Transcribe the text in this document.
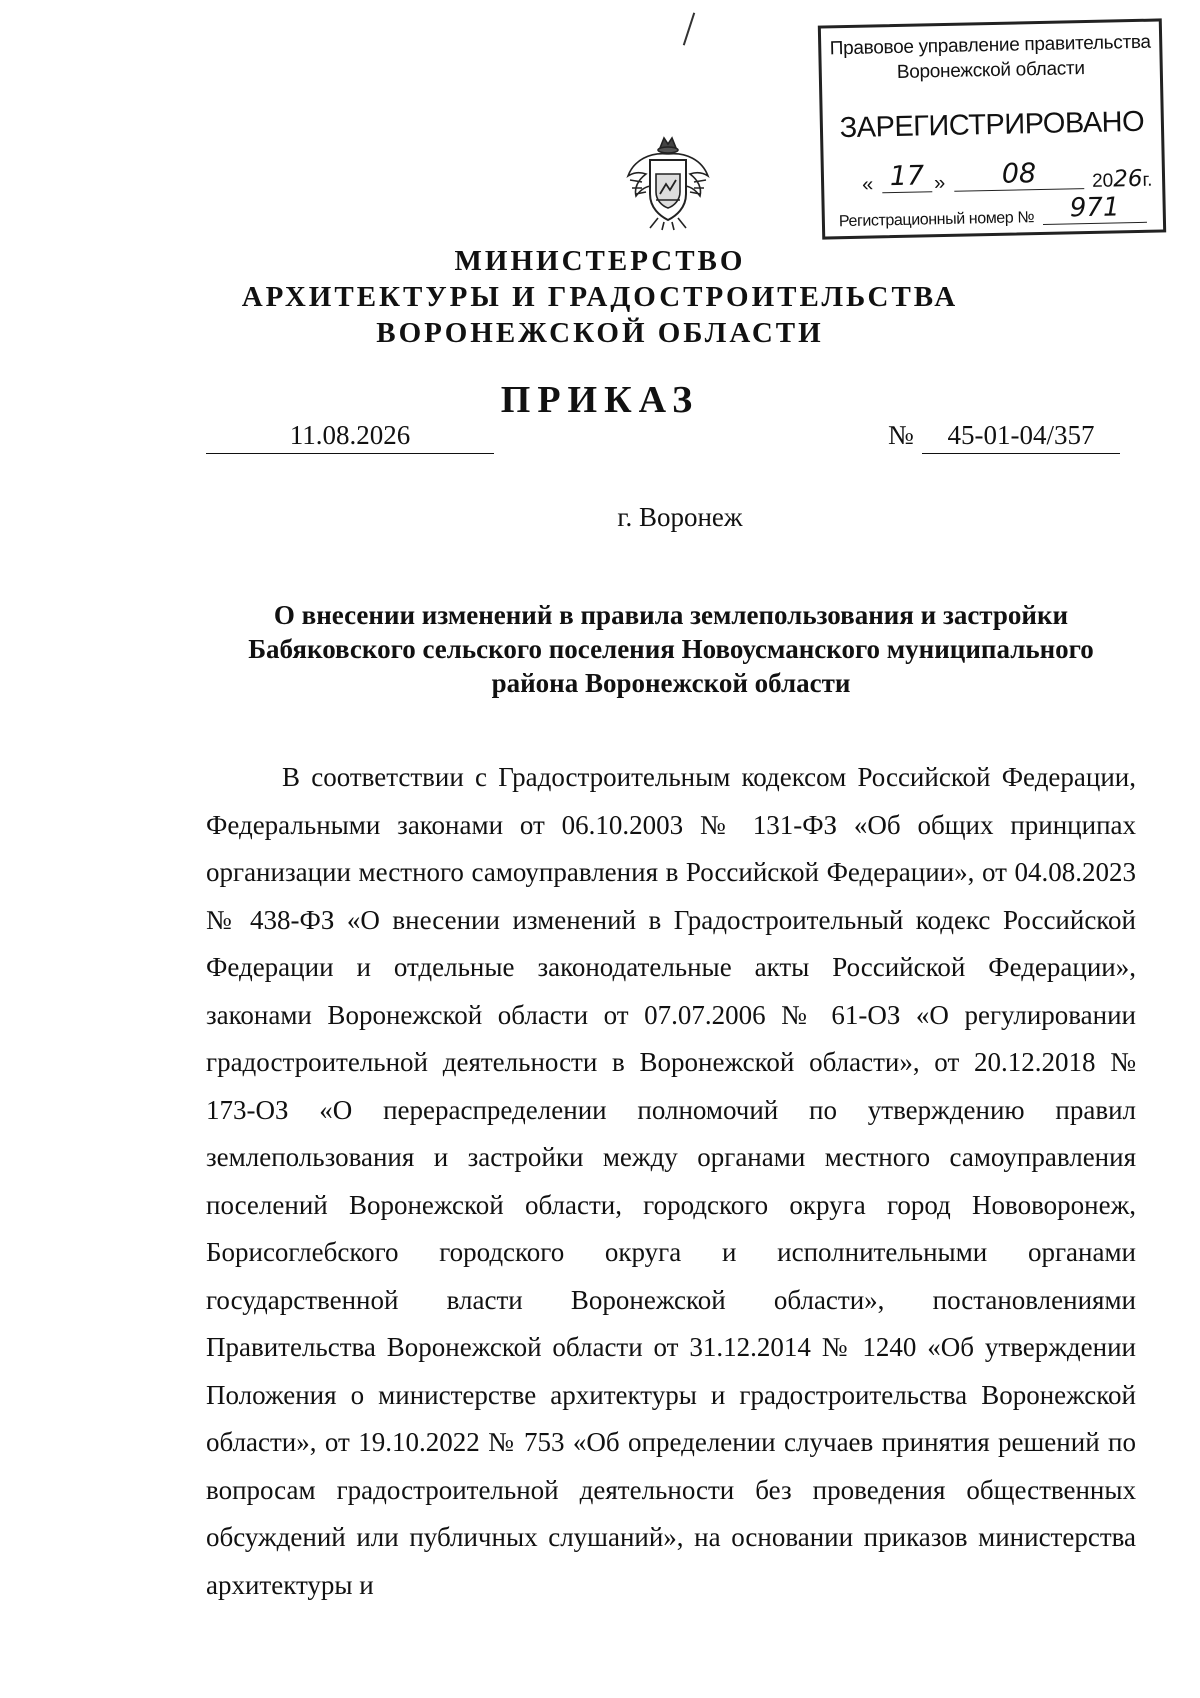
Правовое управление правительства
Воронежской области
ЗАРЕГИСТРИРОВАНО
« 17 »	08	2026г.
Регистрационный номер №	971
МИНИСТЕРСТВО
АРХИТЕКТУРЫ И ГРАДОСТРОИТЕЛЬСТВА
ВОРОНЕЖСКОЙ ОБЛАСТИ
ПРИКАЗ
11.08.2026	№	45-01-04/357
г. Воронеж
О внесении изменений в правила землепользования и застройки Бабяковского сельского поселения Новоусманского муниципального района Воронежской области
В соответствии с Градостроительным кодексом Российской Федерации, Федеральными законами от 06.10.2003 № 131-ФЗ «Об общих принципах организации местного самоуправления в Российской Федерации», от 04.08.2023 № 438-ФЗ «О внесении изменений в Градостроительный кодекс Российской Федерации и отдельные законодательные акты Российской Федерации», законами Воронежской области от 07.07.2006 № 61-ОЗ «О регулировании градостроительной деятельности в Воронежской области», от 20.12.2018 № 173-ОЗ «О перераспределении полномочий по утверждению правил землепользования и застройки между органами местного самоуправления поселений Воронежской области, городского округа город Нововоронеж, Борисоглебского городского округа и исполнительными органами государственной власти Воронежской области», постановлениями Правительства Воронежской области от 31.12.2014 № 1240 «Об утверждении Положения о министерстве архитектуры и градостроительства Воронежской области», от 19.10.2022 № 753 «Об определении случаев принятия решений по вопросам градостроительной деятельности без проведения общественных обсуждений или публичных слушаний», на основании приказов министерства архитектуры и
